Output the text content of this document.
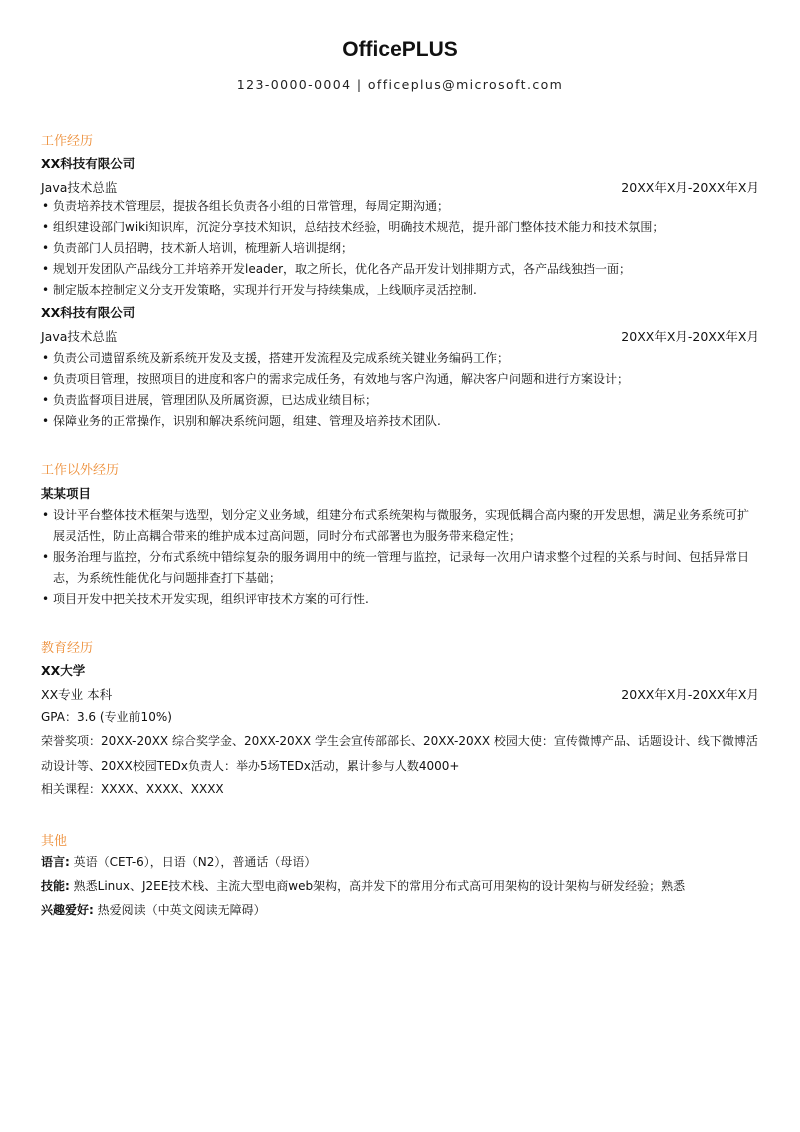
OfficePLUS
123-0000-0004 | officeplus@microsoft.com
工作经历
XX科技有限公司
Java技术总监	20XX年X月-20XX年X月
• 负责培养技术管理层，提拔各组长负责各小组的日常管理，每周定期沟通；
• 组织建设部门wiki知识库，沉淀分享技术知识，总结技术经验，明确技术规范，提升部门整体技术能力和技术氛围；
• 负责部门人员招聘，技术新人培训，梳理新人培训提纲；
• 规划开发团队产品线分工并培养开发leader，取之所长，优化各产品开发计划排期方式，各产品线独挡一面；
• 制定版本控制定义分支开发策略，实现并行开发与持续集成，上线顺序灵活控制.
XX科技有限公司
Java技术总监	20XX年X月-20XX年X月
• 负责公司遗留系统及新系统开发及支援，搭建开发流程及完成系统关键业务编码工作；
• 负责项目管理，按照项目的进度和客户的需求完成任务，有效地与客户沟通，解决客户问题和进行方案设计；
• 负责监督项目进展，管理团队及所属资源，已达成业绩目标；
• 保障业务的正常操作，识别和解决系统问题，组建、管理及培养技术团队.
工作以外经历
某某项目
• 设计平台整体技术框架与选型，划分定义业务域，组建分布式系统架构与微服务，实现低耦合高内聚的开发思想，满足业务系统可扩
展灵活性，防止高耦合带来的维护成本过高问题，同时分布式部署也为服务带来稳定性；
• 服务治理与监控，分布式系统中错综复杂的服务调用中的统一管理与监控，记录每一次用户请求整个过程的关系与时间、包括异常日
志，为系统性能优化与问题排查打下基础；
• 项目开发中把关技术开发实现，组织评审技术方案的可行性.
教育经历
XX大学
XX专业 本科	20XX年X月-20XX年X月
GPA：3.6 (专业前10%)
荣誉奖项：20XX-20XX 综合奖学金、20XX-20XX 学生会宣传部部长、20XX-20XX 校园大使：宣传微博产品、话题设计、线下微博活
动设计等、20XX校园TEDx负责人：举办5场TEDx活动，累计参与人数4000+
相关课程：XXXX、XXXX、XXXX
其他
语言: 英语（CET-6），日语（N2），普通话（母语）
技能: 熟悉Linux、J2EE技术栈、主流大型电商web架构，高并发下的常用分布式高可用架构的设计架构与研发经验；熟悉
兴趣爱好: 热爱阅读（中英文阅读无障碍）
